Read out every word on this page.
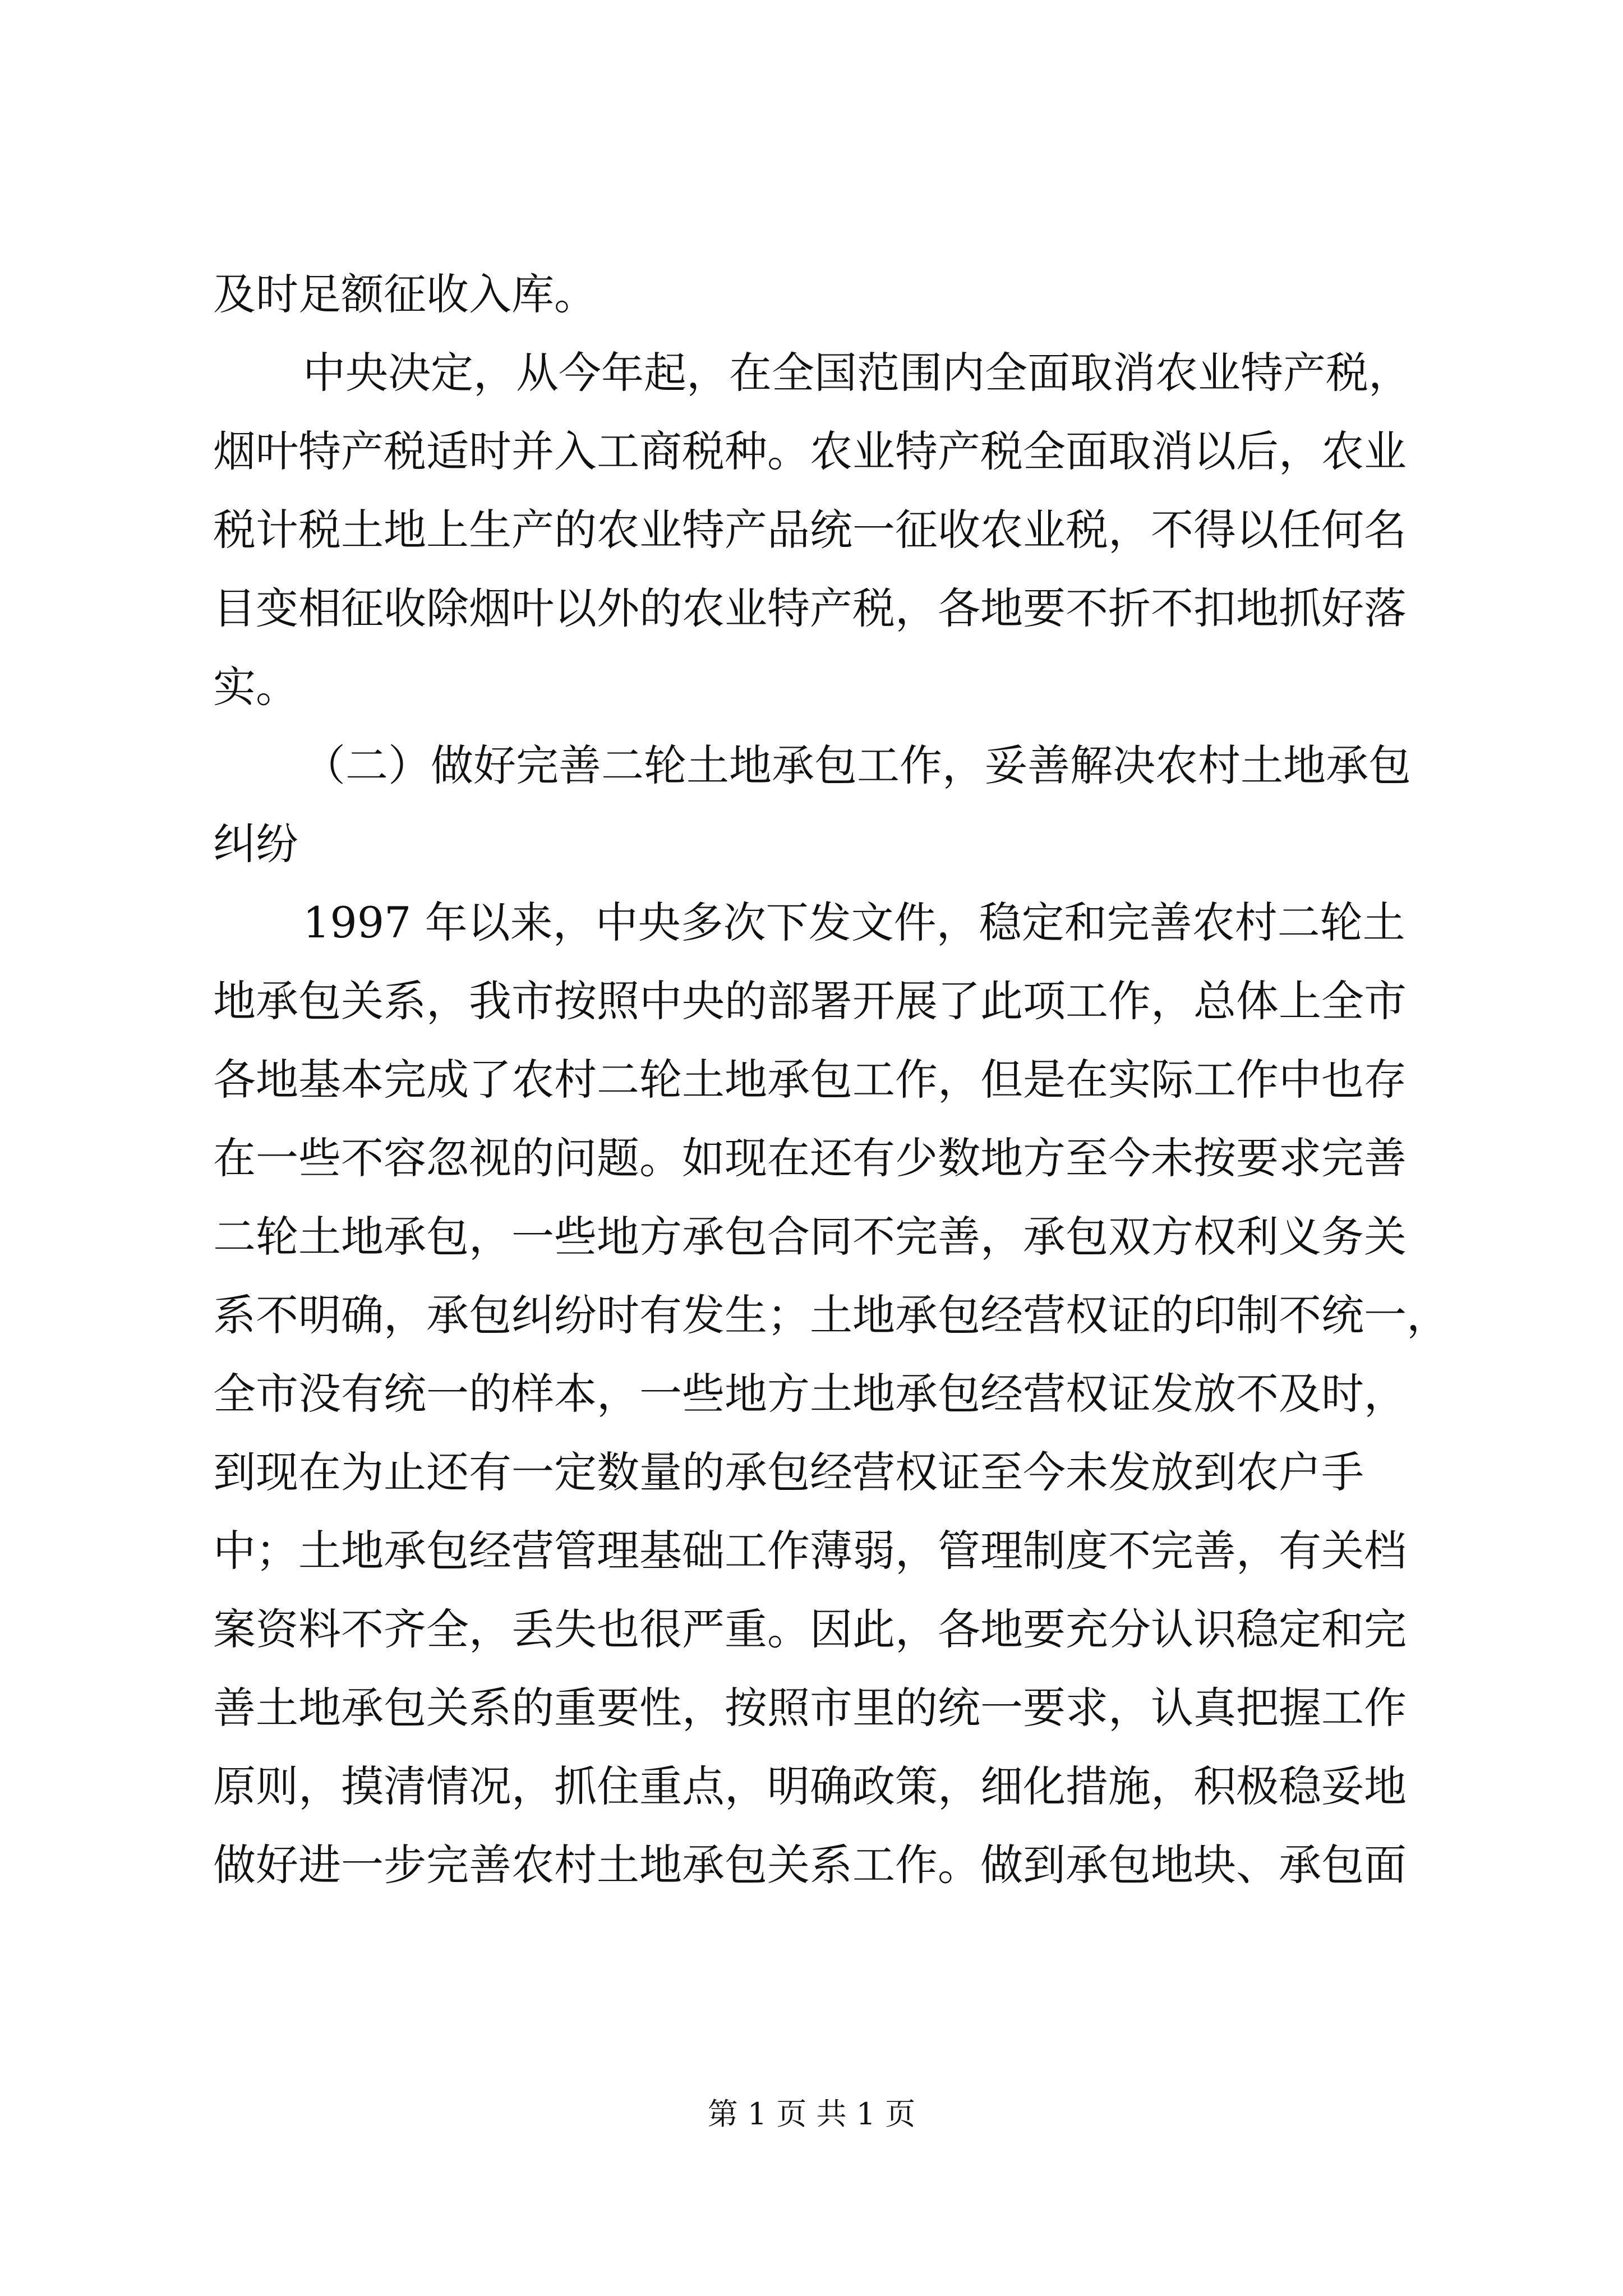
及时足额征收入库。
中央决定，从今年起，在全国范围内全面取消农业特产税，
烟叶特产税适时并入工商税种。农业特产税全面取消以后，农业
税计税土地上生产的农业特产品统一征收农业税，不得以任何名
目变相征收除烟叶以外的农业特产税，各地要不折不扣地抓好落
实。
（二）做好完善二轮土地承包工作，妥善解决农村土地承包
纠纷
1997 年以来，中央多次下发文件，稳定和完善农村二轮土
地承包关系，我市按照中央的部署开展了此项工作，总体上全市
各地基本完成了农村二轮土地承包工作，但是在实际工作中也存
在一些不容忽视的问题。如现在还有少数地方至今未按要求完善
二轮土地承包，一些地方承包合同不完善，承包双方权利义务关
系不明确，承包纠纷时有发生；土地承包经营权证的印制不统一，
全市没有统一的样本，一些地方土地承包经营权证发放不及时，
到现在为止还有一定数量的承包经营权证至今未发放到农户手
中；土地承包经营管理基础工作薄弱，管理制度不完善，有关档
案资料不齐全，丢失也很严重。因此，各地要充分认识稳定和完
善土地承包关系的重要性，按照市里的统一要求，认真把握工作
原则，摸清情况，抓住重点，明确政策，细化措施，积极稳妥地
做好进一步完善农村土地承包关系工作。做到承包地块、承包面
第 1 页 共 1 页
